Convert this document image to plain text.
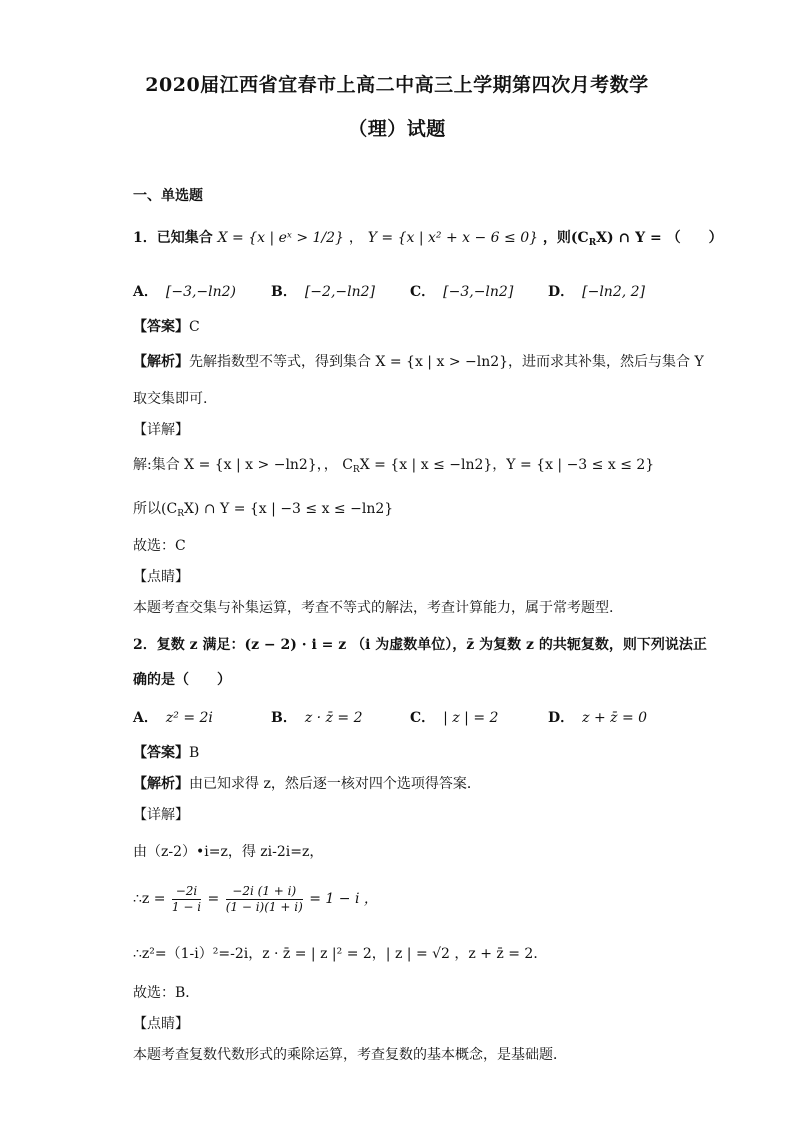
2020届江西省宜春市上高二中高三上学期第四次月考数学
（理）试题
一、单选题
1．已知集合 X = {x | eˣ > 1/2} ， Y = {x | x² + x − 6 ≤ 0} ，则$(C_RX)$ ∩ Y = （　　）
A． [−3,−ln2) B． [−2,−ln2]	C． [−3,−ln2] D． [−ln2, 2]
【答案】C
【解析】先解指数型不等式，得到集合 X = {x | x > −ln2}，进而求其补集，然后与集合 Y
取交集即可.
【详解】
解:集合 X = {x | x > −ln2}，， $C_RX = \{x$ | x ≤ −ln2}，Y = {x | −3 ≤ x ≤ 2}
所以$(C_RX)$ ∩ Y = {x | −3 ≤ x ≤ −ln2}
故选：C
【点睛】
本题考查交集与补集运算，考查不等式的解法，考查计算能力，属于常考题型.
2．复数 z 满足：(z − 2) · i = z （i 为虚数单位），z̄ 为复数 z 的共轭复数，则下列说法正
确的是（　　）
A． z² = 2i	B． z · z̄ = 2	C． | z | = 2	D． z + z̄ = 0
【答案】B
【解析】由已知求得 z，然后逐一核对四个选项得答案．
【详解】
由（z-2）•i=z，得 zi-2i=z，
∴z = $\frac{-2i}{1 - i} = \frac{-2i (1 + i)}{(1 - i)(1 + i)} = 1 - i$ ，
∴z²=（1-i）²=-2i，z · z̄ = | z |² = 2，| z | = √2 ，z + z̄ = 2．
故选：B．
【点睛】
本题考查复数代数形式的乘除运算，考查复数的基本概念，是基础题．
